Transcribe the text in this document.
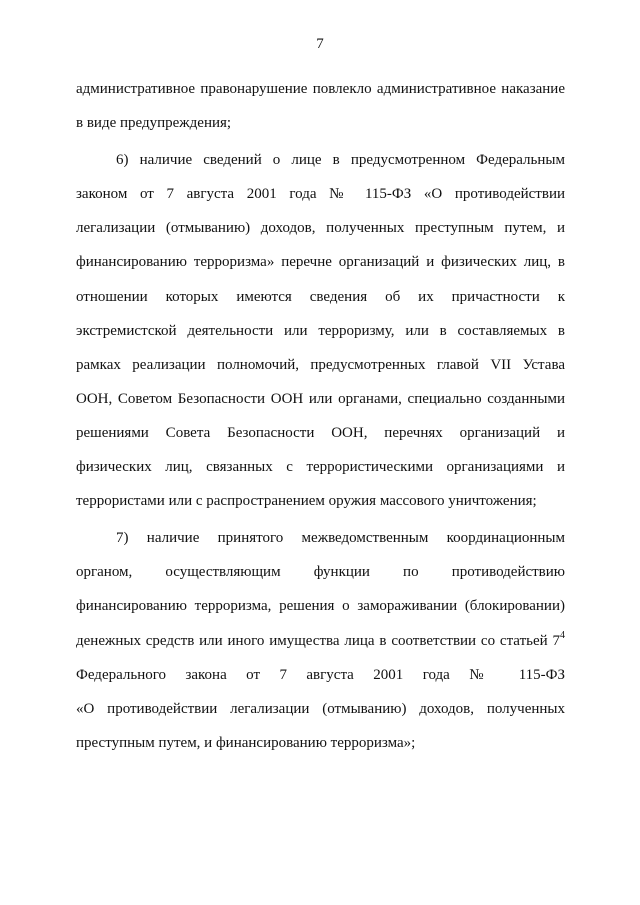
7
административное правонарушение повлекло административное наказание
в виде предупреждения;
6) наличие сведений о лице в предусмотренном Федеральным
законом от 7 августа 2001 года № 115-ФЗ «О противодействии
легализации (отмыванию) доходов, полученных преступным путем, и
финансированию терроризма» перечне организаций и физических лиц, в
отношении которых имеются сведения об их причастности к
экстремистской деятельности или терроризму, или в составляемых в
рамках реализации полномочий, предусмотренных главой VII Устава
ООН, Советом Безопасности ООН или органами, специально созданными
решениями Совета Безопасности ООН, перечнях организаций и
физических лиц, связанных с террористическими организациями и
террористами или с распространением оружия массового уничтожения;
7) наличие принятого межведомственным координационным
органом, осуществляющим функции по противодействию
финансированию терроризма, решения о замораживании (блокировании)
денежных средств или иного имущества лица в соответствии со статьей $7^4$
Федерального закона от 7 августа 2001 года № 115-ФЗ
«О противодействии легализации (отмыванию) доходов, полученных
преступным путем, и финансированию терроризма»;
